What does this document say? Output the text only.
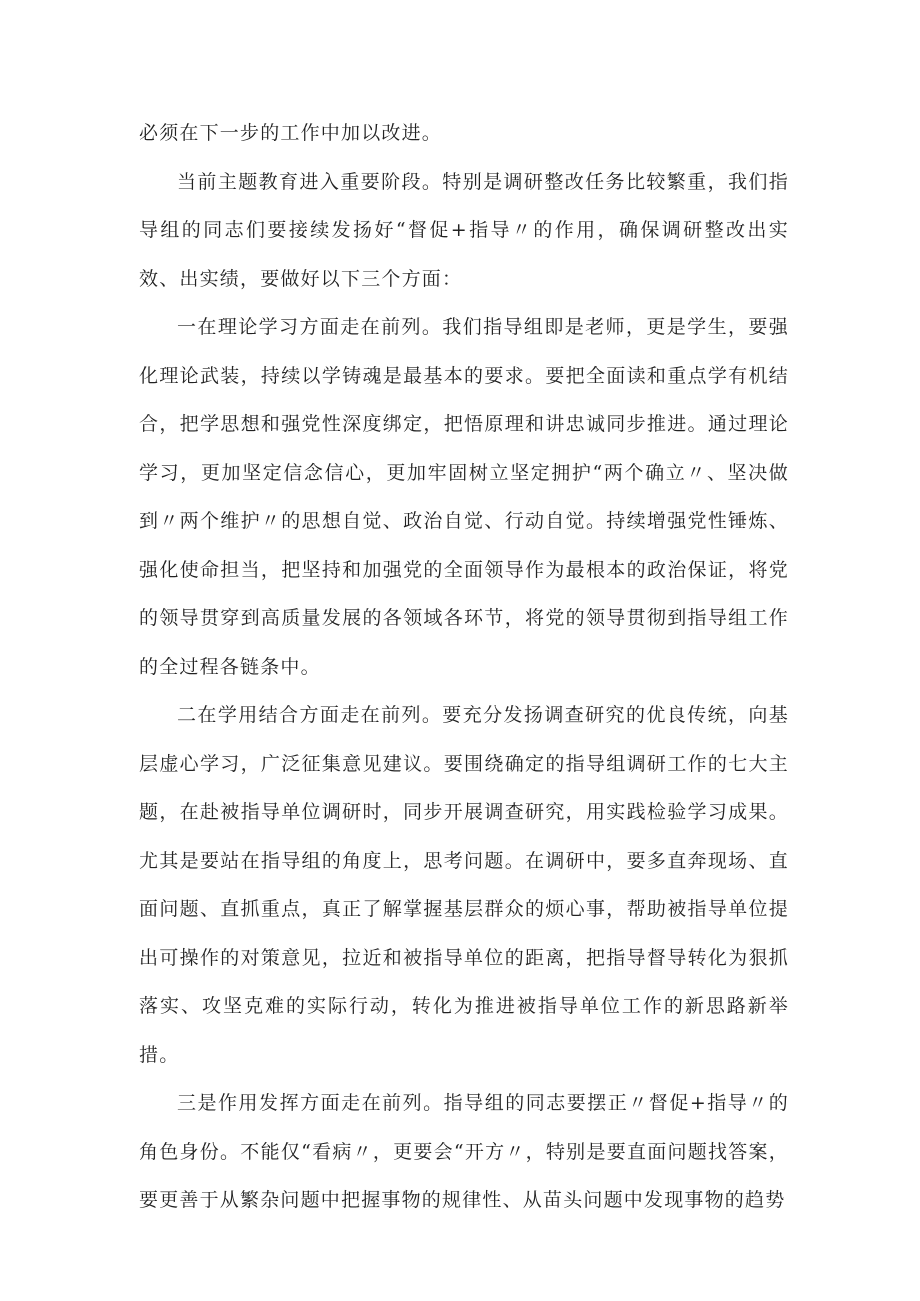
必须在下一步的工作中加以改进。

当前主题教育进入重要阶段。特别是调研整改任务比较繁重，我们指导组的同志们要接续发扬好“督促+指导〃的作用，确保调研整改出实效、出实绩，要做好以下三个方面：

一在理论学习方面走在前列。我们指导组即是老师，更是学生，要强化理论武装，持续以学铸魂是最基本的要求。要把全面读和重点学有机结合，把学思想和强党性深度绑定，把悟原理和讲忠诚同步推进。通过理论学习，更加坚定信念信心，更加牢固树立坚定拥护“两个确立〃、坚决做到〃两个维护〃的思想自觉、政治自觉、行动自觉。持续增强党性锤炼、强化使命担当，把坚持和加强党的全面领导作为最根本的政治保证，将党的领导贯穿到高质量发展的各领域各环节，将党的领导贯彻到指导组工作的全过程各链条中。

二在学用结合方面走在前列。要充分发扬调查研究的优良传统，向基层虚心学习，广泛征集意见建议。要围绕确定的指导组调研工作的七大主题，在赴被指导单位调研时，同步开展调查研究，用实践检验学习成果。尤其是要站在指导组的角度上，思考问题。在调研中，要多直奔现场、直面问题、直抓重点，真正了解掌握基层群众的烦心事，帮助被指导单位提出可操作的对策意见，拉近和被指导单位的距离，把指导督导转化为狠抓落实、攻坚克难的实际行动，转化为推进被指导单位工作的新思路新举措。

三是作用发挥方面走在前列。指导组的同志要摆正〃督促+指导〃的角色身份。不能仅“看病〃，更要会“开方〃，特别是要直面问题找答案，要更善于从繁杂问题中把握事物的规律性、从苗头问题中发现事物的趋势
